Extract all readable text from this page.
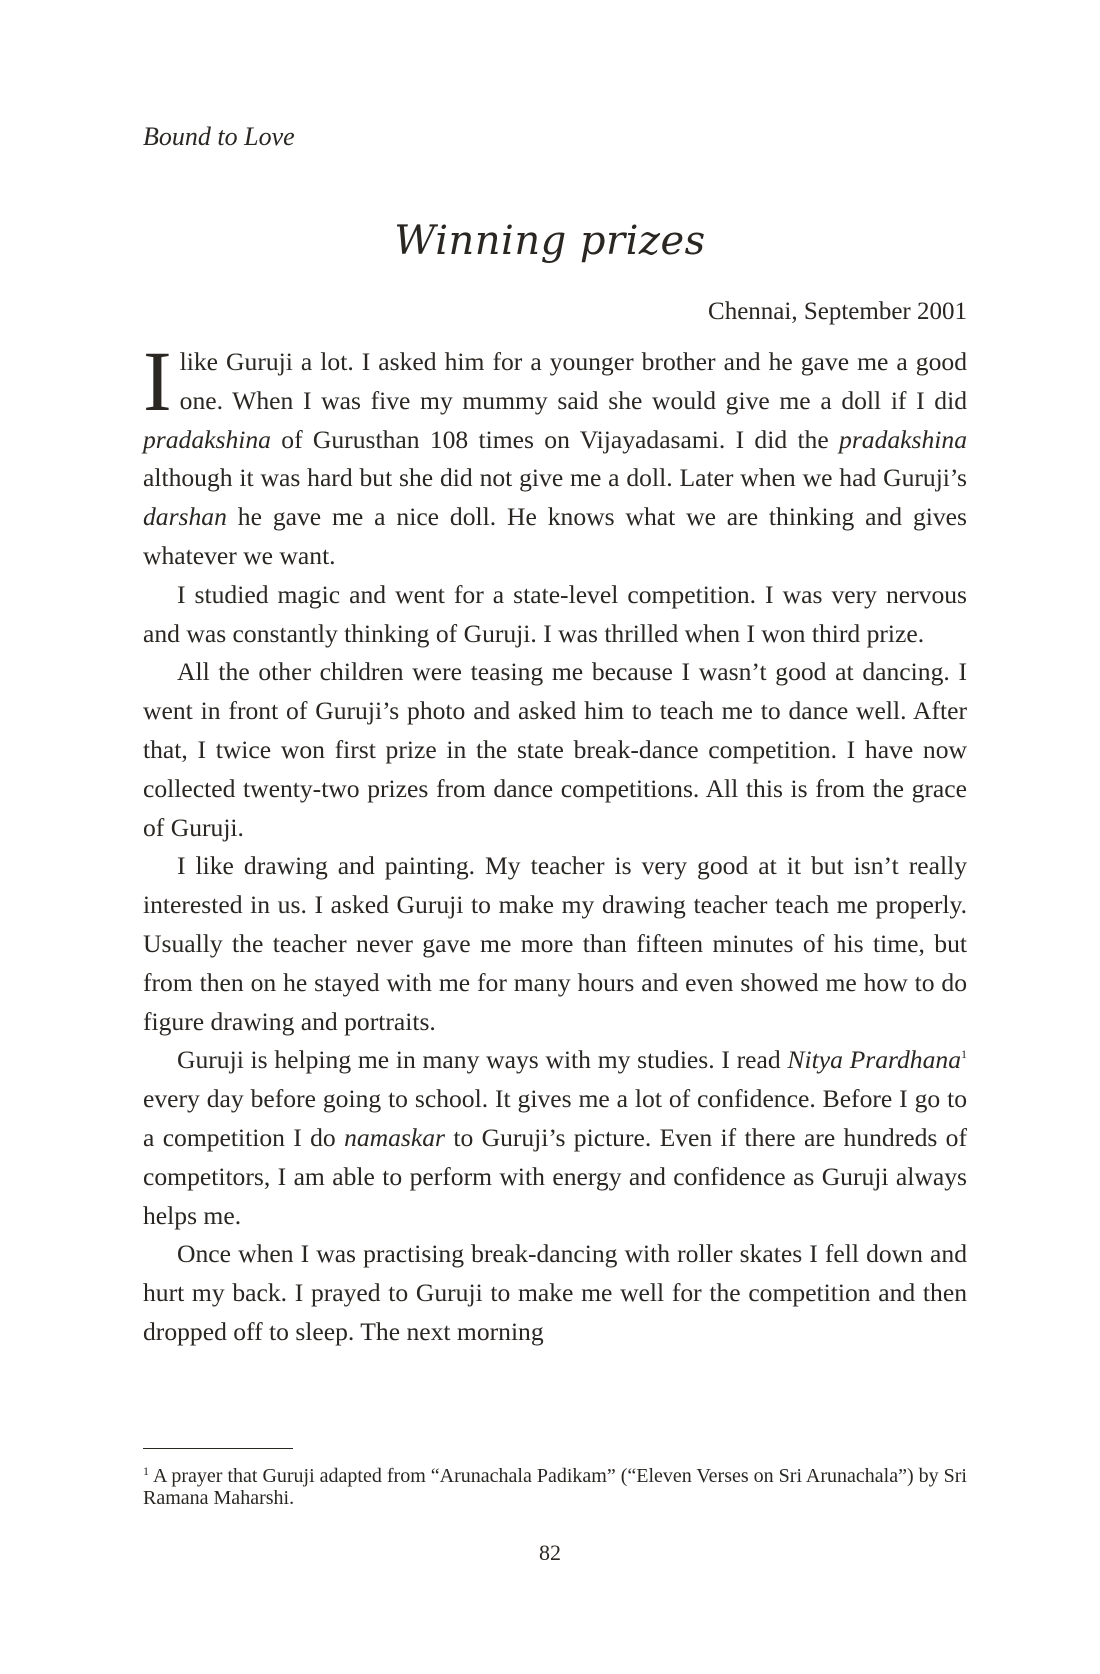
Bound to Love
Winning prizes
Chennai, September 2001

I like Guruji a lot. I asked him for a younger brother and he gave me a good one. When I was five my mummy said she would give me a doll if I did pradakshina of Gurusthan 108 times on Vijayadasami. I did the pradakshina although it was hard but she did not give me a doll. Later when we had Guruji’s darshan he gave me a nice doll. He knows what we are thinking and gives whatever we want.

I studied magic and went for a state-level competition. I was very nervous and was constantly thinking of Guruji. I was thrilled when I won third prize.

All the other children were teasing me because I wasn’t good at dancing. I went in front of Guruji’s photo and asked him to teach me to dance well. After that, I twice won first prize in the state break-dance competition. I have now collected twenty-two prizes from dance competitions. All this is from the grace of Guruji.

I like drawing and painting. My teacher is very good at it but isn’t really interested in us. I asked Guruji to make my drawing teacher teach me properly. Usually the teacher never gave me more than fifteen minutes of his time, but from then on he stayed with me for many hours and even showed me how to do figure drawing and portraits.

Guruji is helping me in many ways with my studies. I read Nitya Prardhana$^1$ every day before going to school. It gives me a lot of confidence. Before I go to a competition I do namaskar to Guruji’s picture. Even if there are hundreds of competitors, I am able to perform with energy and confidence as Guruji always helps me.

Once when I was practising break-dancing with roller skates I fell down and hurt my back. I prayed to Guruji to make me well for the competition and then dropped off to sleep. The next morning

$^1$ A prayer that Guruji adapted from “Arunachala Padikam” (“Eleven Verses on Sri Arunachala”) by Sri Ramana Maharshi.
82
